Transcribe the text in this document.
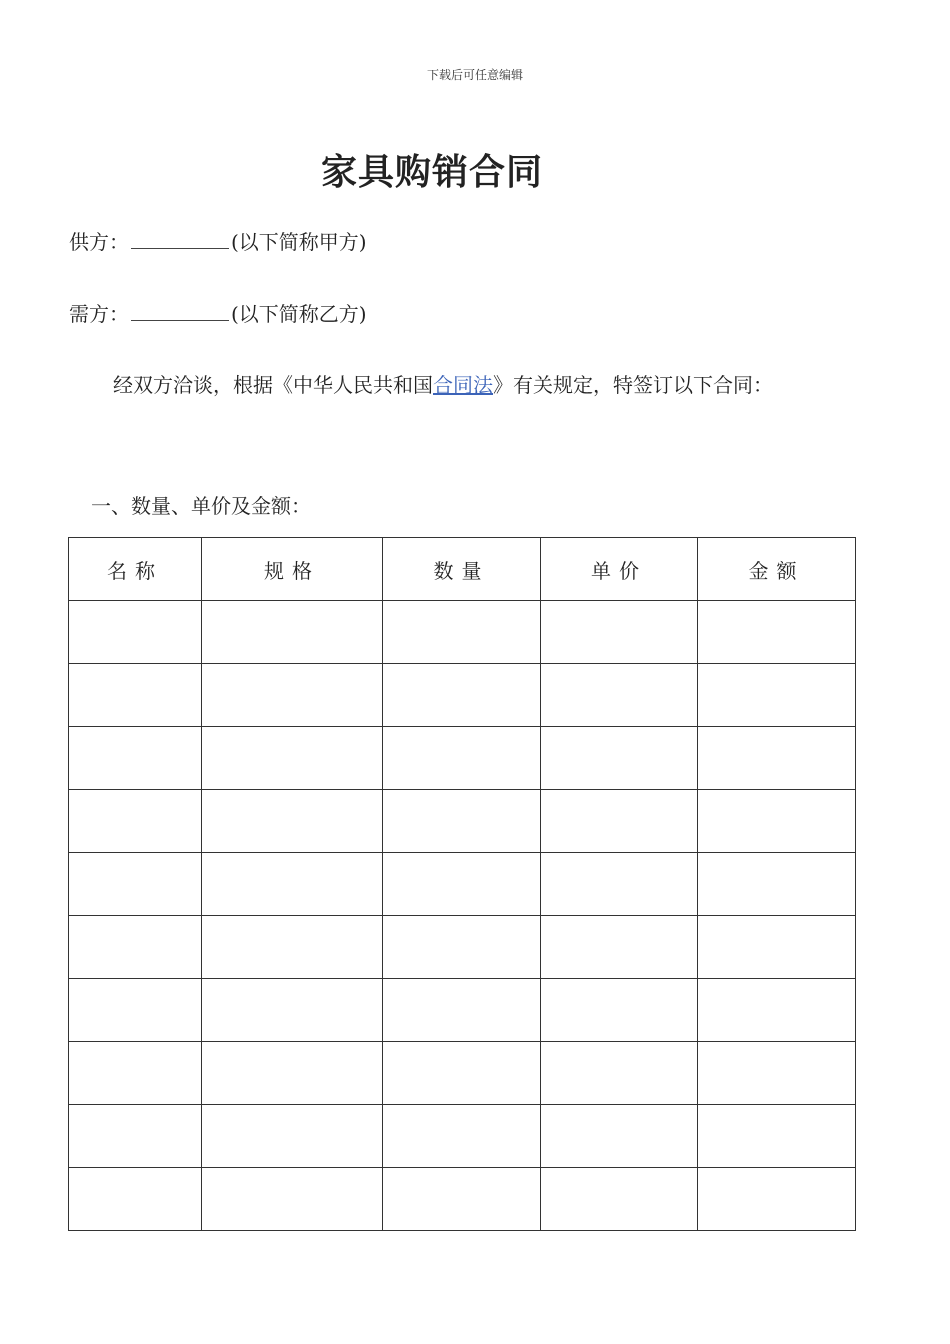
下载后可任意编辑
家具购销合同
供方：	(以下简称甲方)
需方：	(以下简称乙方)
经双方洽谈，根据《中华人民共和国合同法》有关规定，特签订以下合同：
一、数量、单价及金额：
名称	规格	数量	单价	金额
